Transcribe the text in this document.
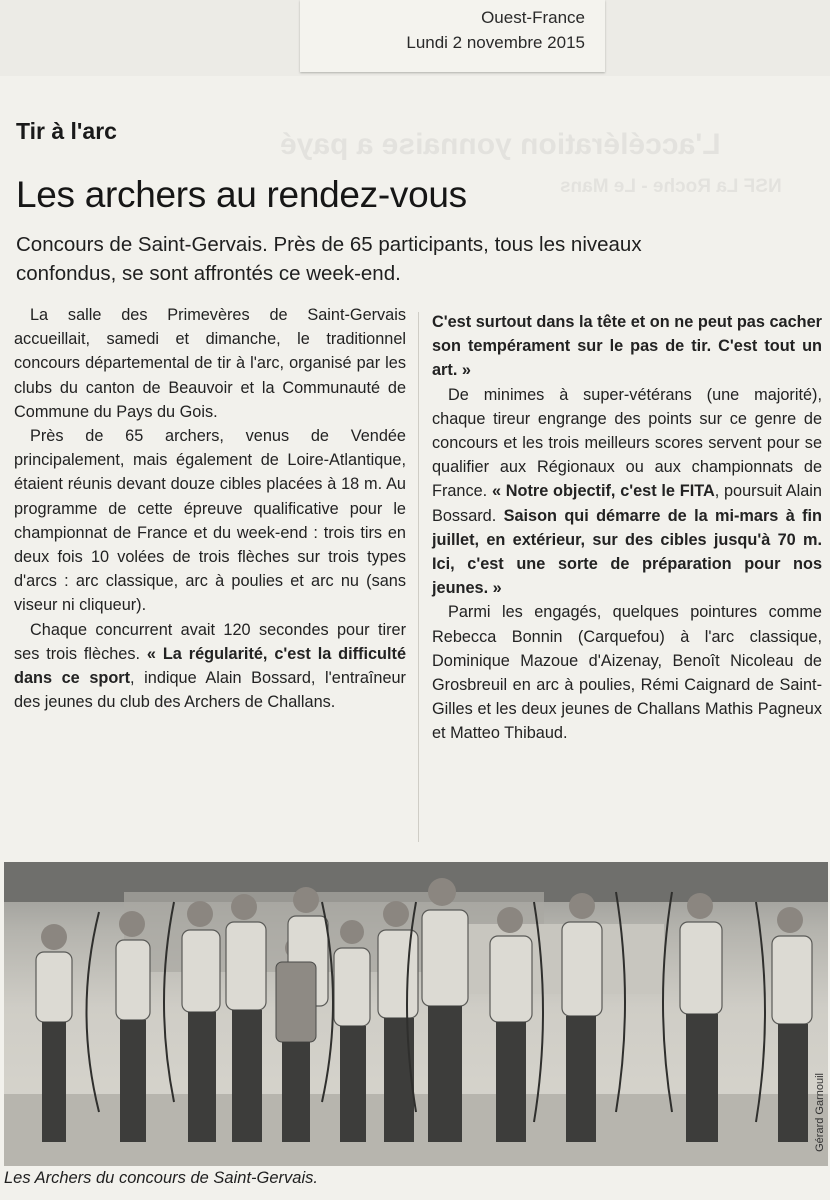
Ouest-France
Lundi 2 novembre 2015
L'accélération yonnaise a payé
NSF La Roche - Le Mans
Tir à l'arc
Les archers au rendez-vous
Concours de Saint-Gervais. Près de 65 participants, tous les niveaux confondus, se sont affrontés ce week-end.

La salle des Primevères de Saint-Gervais accueillait, samedi et dimanche, le traditionnel concours départemental de tir à l'arc, organisé par les clubs du canton de Beauvoir et la Communauté de Commune du Pays du Gois.

Près de 65 archers, venus de Vendée principalement, mais également de Loire-Atlantique, étaient réunis devant douze cibles placées à 18 m. Au programme de cette épreuve qualificative pour le championnat de France et du week-end : trois tirs en deux fois 10 volées de trois flèches sur trois types d'arcs : arc classique, arc à poulies et arc nu (sans viseur ni cliqueur).

Chaque concurrent avait 120 secondes pour tirer ses trois flèches. « La régularité, c'est la difficulté dans ce sport, indique Alain Bossard, l'entraîneur des jeunes du club des Archers de Challans.

C'est surtout dans la tête et on ne peut pas cacher son tempérament sur le pas de tir. C'est tout un art. »

De minimes à super-vétérans (une majorité), chaque tireur engrange des points sur ce genre de concours et les trois meilleurs scores servent pour se qualifier aux Régionaux ou aux championnats de France. « Notre objectif, c'est le FITA, poursuit Alain Bossard. Saison qui démarre de la mi-mars à fin juillet, en extérieur, sur des cibles jusqu'à 70 m. Ici, c'est une sorte de préparation pour nos jeunes. »

Parmi les engagés, quelques pointures comme Rebecca Bonnin (Carquefou) à l'arc classique, Dominique Mazoue d'Aizenay, Benoît Nicoleau de Grosbreuil en arc à poulies, Rémi Caignard de Saint-Gilles et les deux jeunes de Challans Mathis Pagneux et Matteo Thibaud.

Gérard Garnouil
Les Archers du concours de Saint-Gervais.
